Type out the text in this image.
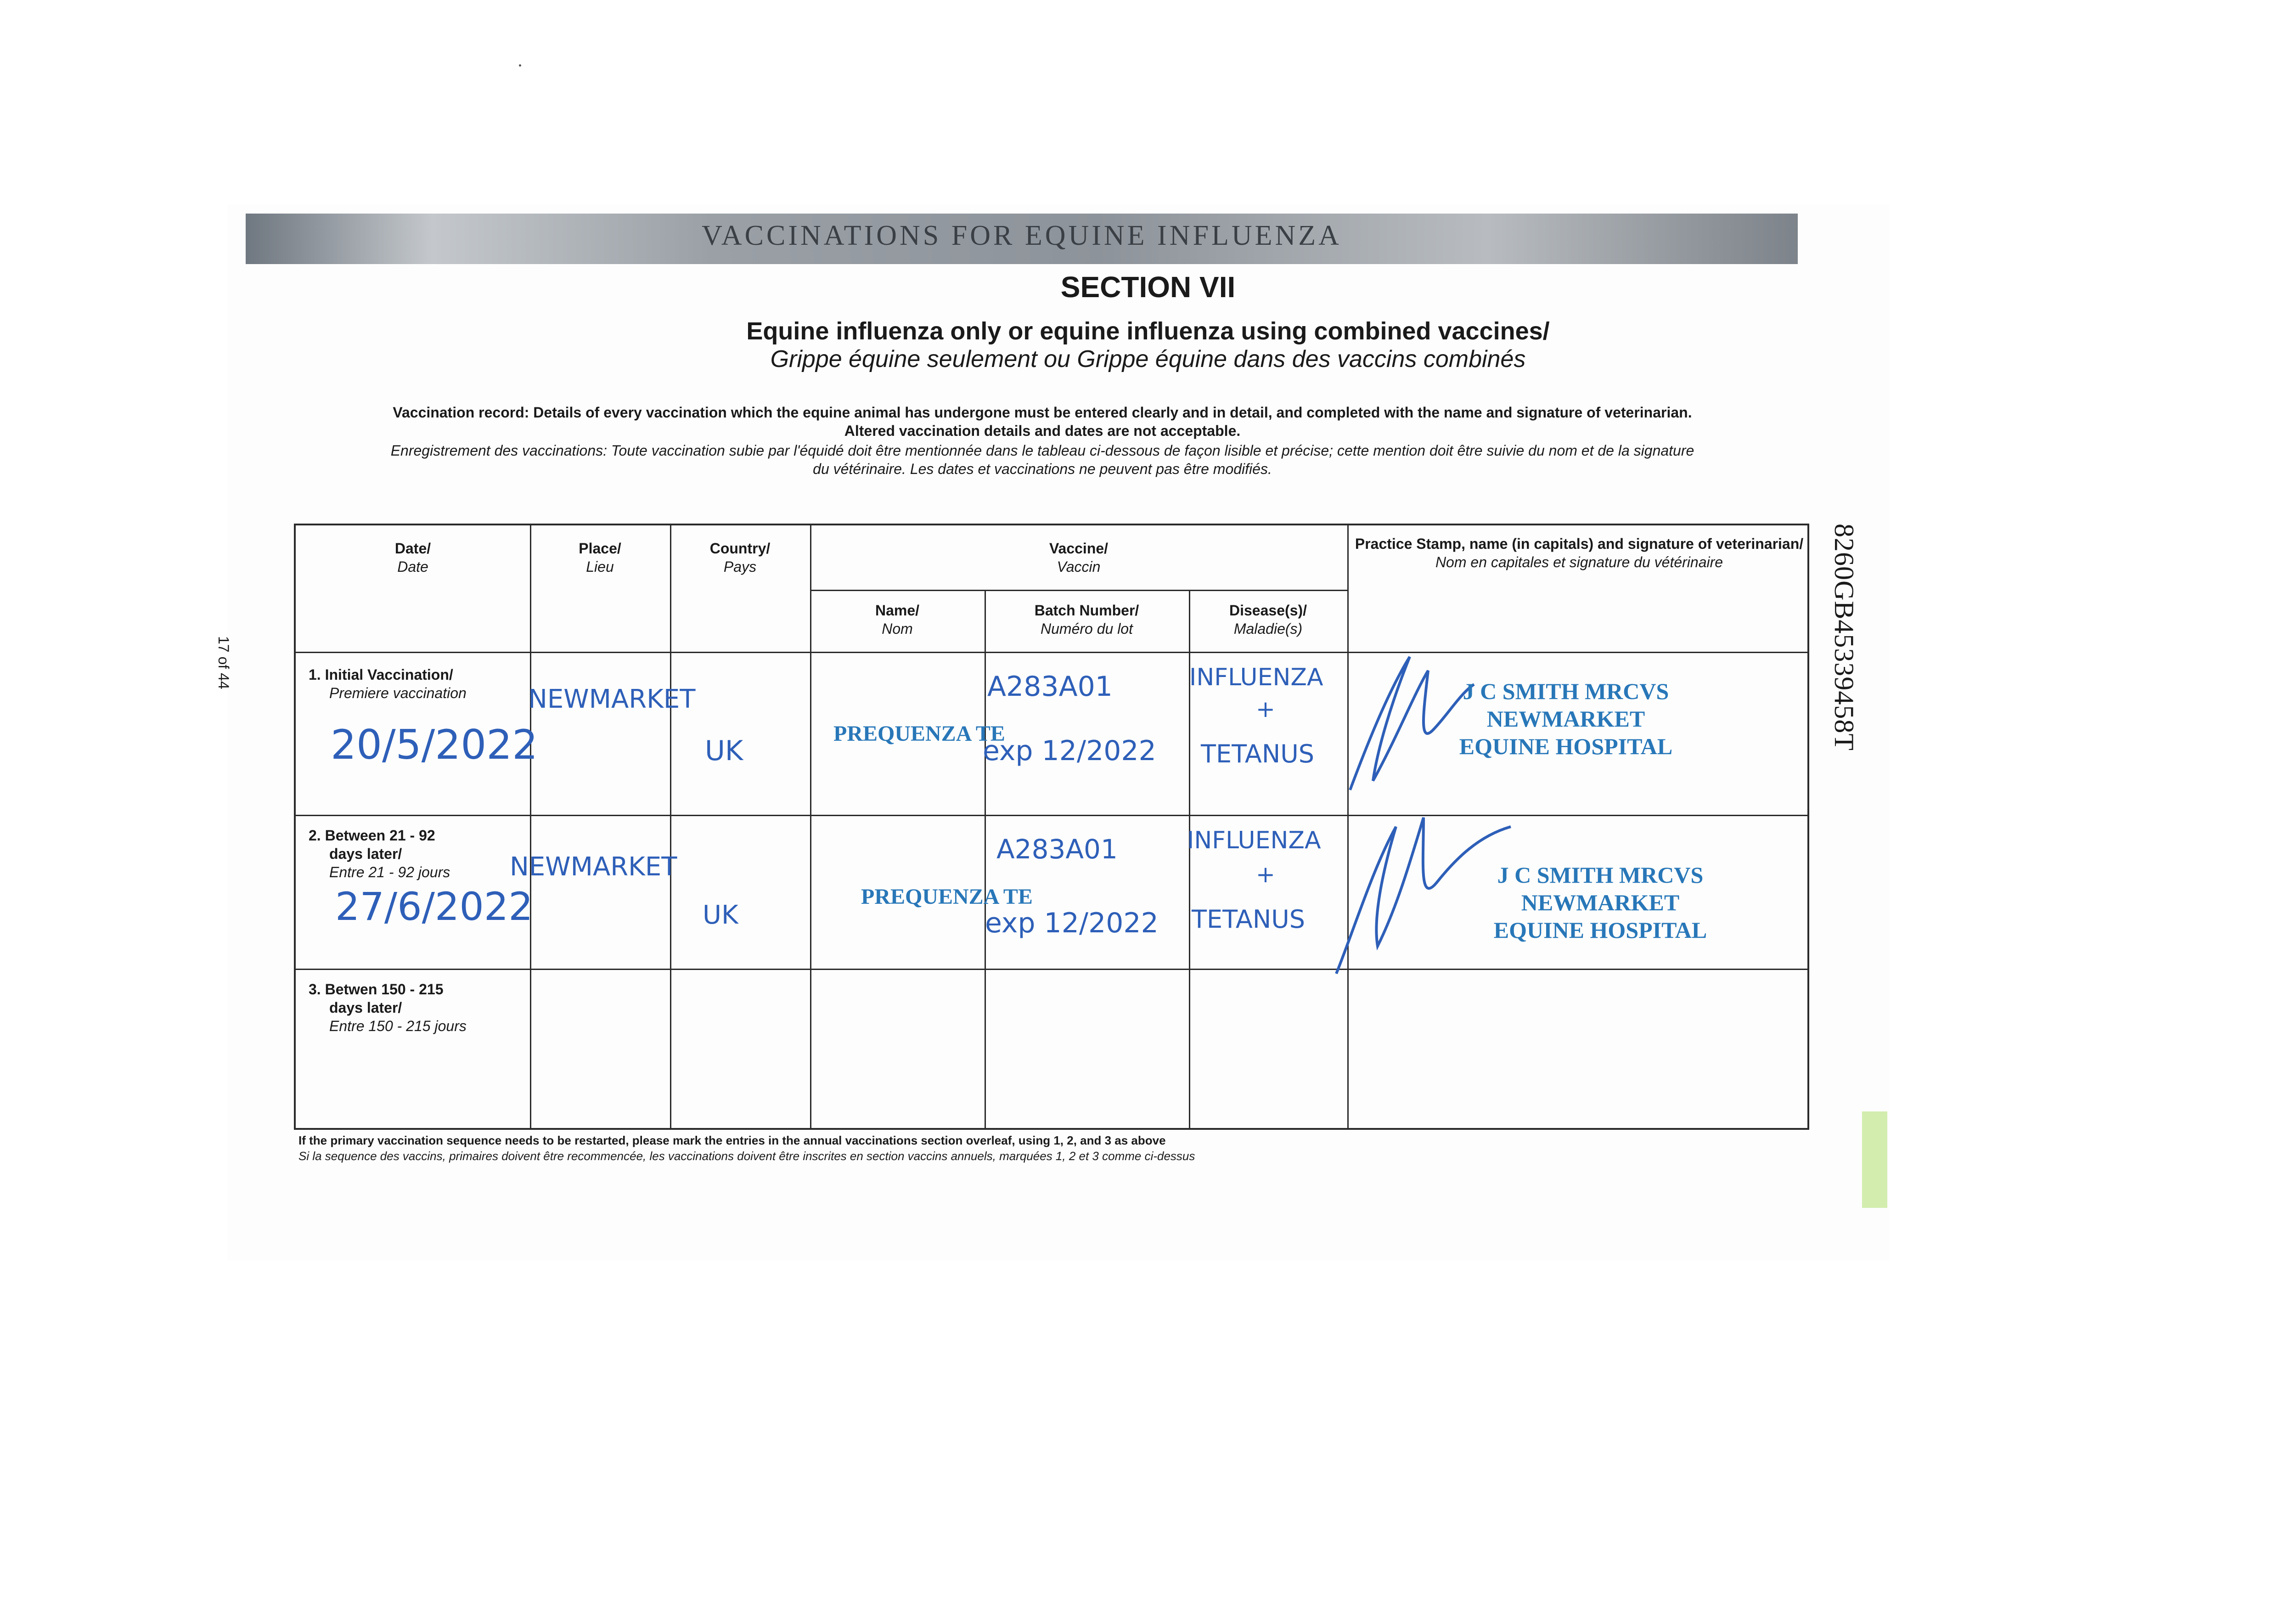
VACCINATIONS FOR EQUINE INFLUENZA
SECTION VII
Equine influenza only or equine influenza using combined vaccines/
Grippe équine seulement ou Grippe équine dans des vaccins combinés
Vaccination record: Details of every vaccination which the equine animal has undergone must be entered clearly and in detail, and completed with the name and signature of veterinarian.
Altered vaccination details and dates are not acceptable.
Enregistrement des vaccinations: Toute vaccination subie par l'équidé doit être mentionnée dans le tableau ci-dessous de façon lisible et précise; cette mention doit être suivie du nom et de la signature
du vétérinaire. Les dates et vaccinations ne peuvent pas être modifiés.
17 of 44	8260GB45339458T
Date/
Date
Place/
Lieu
Country/
Pays
Vaccine/
Vaccin
Name/
Nom
Batch Number/
Numéro du lot
Disease(s)/
Maladie(s)
Practice Stamp, name (in capitals) and signature of veterinarian/
Nom en capitales et signature du vétérinaire
1. Initial Vaccination/
Premiere vaccination
2. Between 21 - 92
days later/
Entre 21 - 92 jours
3. Betwen 150 - 215
days later/
Entre 150 - 215 jours
20/5/2022
NEWMARKET
UK
PREQUENZA TE
A283A01
exp 12/2022
INFLUENZA
+
TETANUS
J C SMITH MRCVS
NEWMARKET
EQUINE HOSPITAL
27/6/2022
NEWMARKET
UK
PREQUENZA TE
A283A01
exp 12/2022
INFLUENZA
+
TETANUS
J C SMITH MRCVS
NEWMARKET
EQUINE HOSPITAL
If the primary vaccination sequence needs to be restarted, please mark the entries in the annual vaccinations section overleaf, using 1, 2, and 3 as above
Si la sequence des vaccins, primaires doivent être recommencée, les vaccinations doivent être inscrites en section vaccins annuels, marquées 1, 2 et 3 comme ci-dessus
